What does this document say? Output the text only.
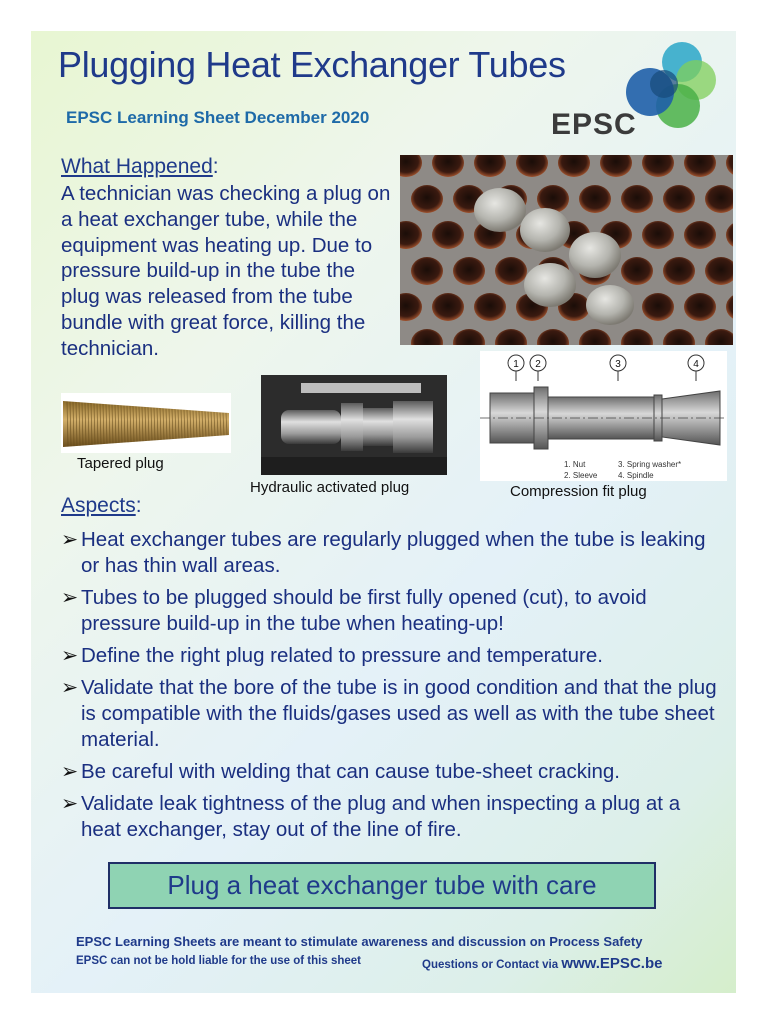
Plugging Heat Exchanger Tubes
EPSC Learning Sheet December 2020	EPSC
What Happened:
A technician was checking a plug on a heat exchanger tube, while the equipment was heating up. Due to pressure build-up in the tube the plug was released from the tube bundle with great force, killing the technician.
Tapered plug
Hydraulic activated plug
1 2	3	4
1. Nut
2. Sleeve
3. Spring washer*
4. Spindle
Compression fit plug
Aspects:
➢ Heat exchanger tubes are regularly plugged when the tube is leaking or has thin wall areas.
➢ Tubes to be plugged should be first fully opened (cut), to avoid pressure build-up in the tube when heating-up!
➢ Define the right plug related to pressure and temperature.
➢ Validate that the bore of the tube is in good condition and that the plug is compatible with the fluids/gases used as well as with the tube sheet material.
➢ Be careful with welding that can cause tube-sheet cracking.
➢ Validate leak tightness of the plug and when inspecting a plug at a heat exchanger, stay out of the line of fire.
Plug a heat exchanger tube with care
EPSC Learning Sheets are meant to stimulate awareness and discussion on Process Safety
EPSC can not be hold liable for the use of this sheet	Questions or Contact via www.EPSC.be
